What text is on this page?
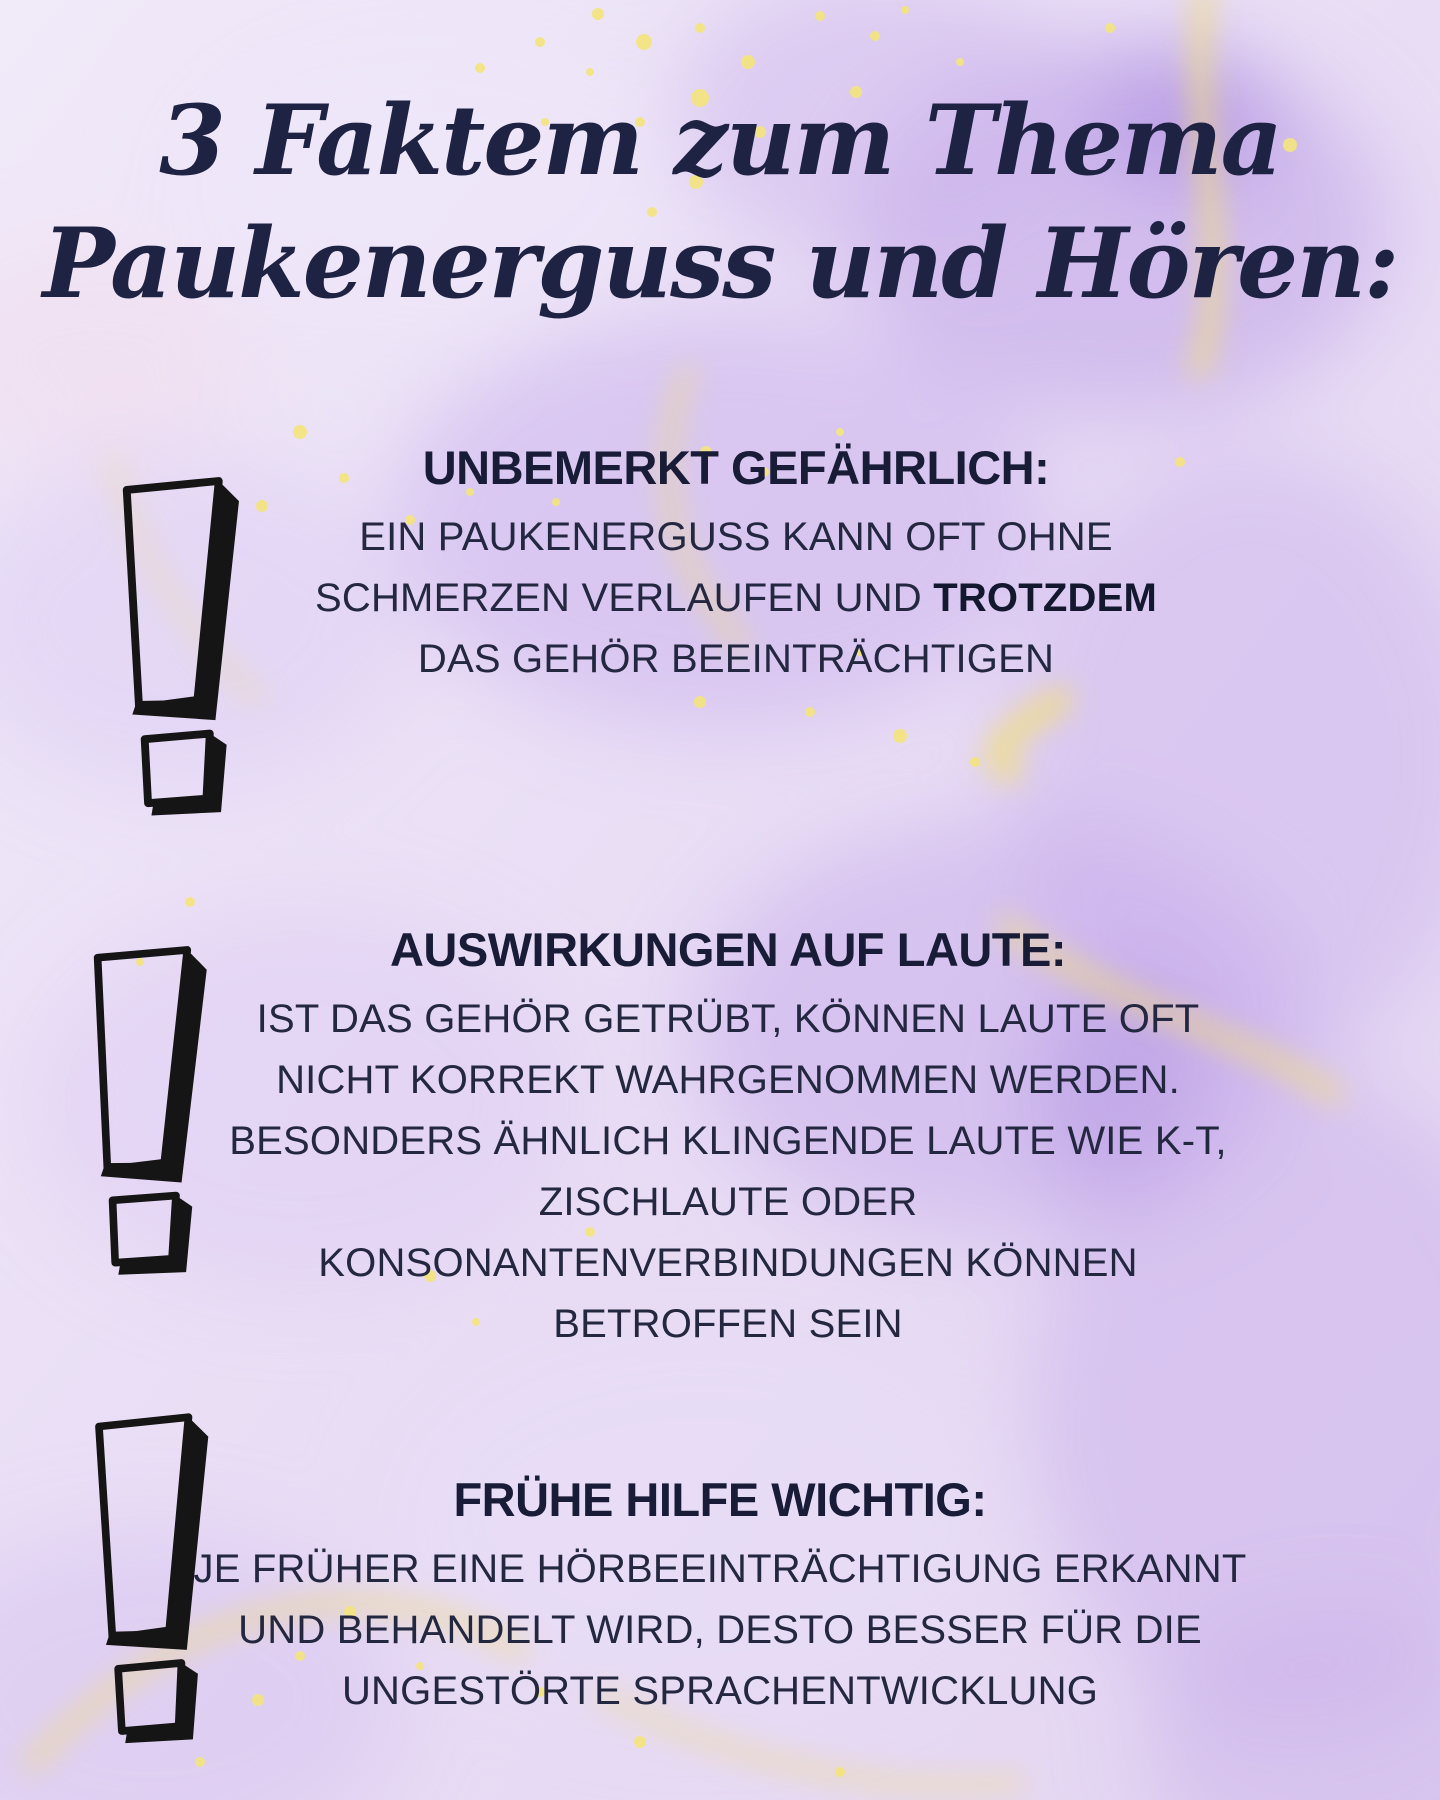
3 Faktem zum Thema
Paukenerguss und Hören:
UNBEMERKT GEFÄHRLICH:

EIN PAUKENERGUSS KANN OFT OHNE
SCHMERZEN VERLAUFEN UND TROTZDEM
DAS GEHÖR BEEINTRÄCHTIGEN

AUSWIRKUNGEN AUF LAUTE:

IST DAS GEHÖR GETRÜBT, KÖNNEN LAUTE OFT
NICHT KORREKT WAHRGENOMMEN WERDEN.
BESONDERS ÄHNLICH KLINGENDE LAUTE WIE K-T,
ZISCHLAUTE ODER
KONSONANTENVERBINDUNGEN KÖNNEN
BETROFFEN SEIN

FRÜHE HILFE WICHTIG:

JE FRÜHER EINE HÖRBEEINTRÄCHTIGUNG ERKANNT
UND BEHANDELT WIRD, DESTO BESSER FÜR DIE
UNGESTÖRTE SPRACHENTWICKLUNG
